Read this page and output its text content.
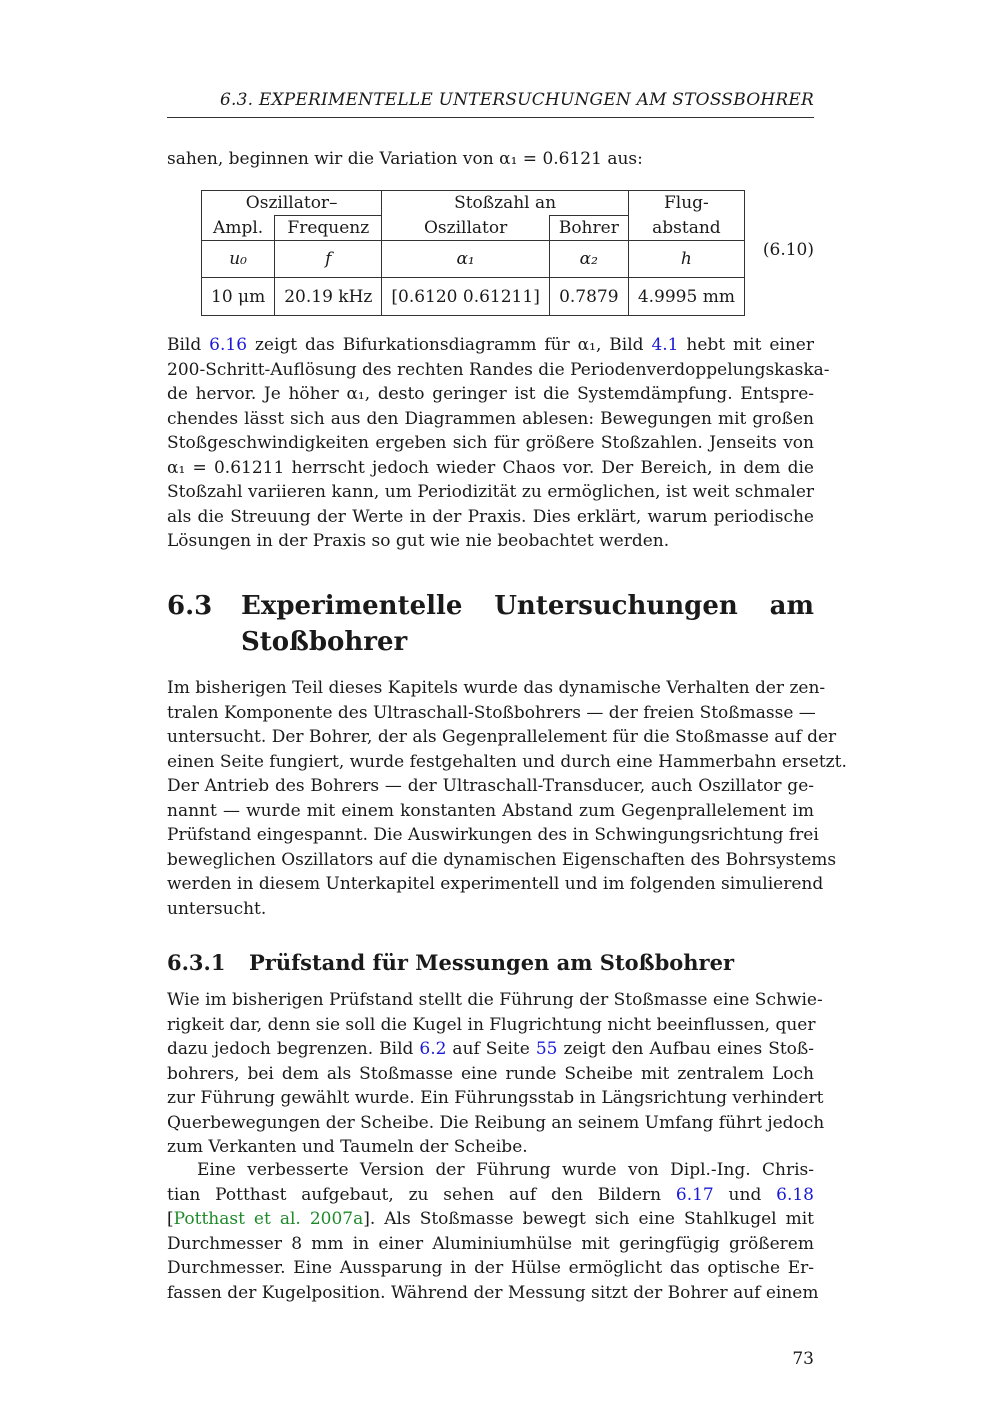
6.3. EXPERIMENTELLE UNTERSUCHUNGEN AM STOSSBOHRER
sahen, beginnen wir die Variation von α₁ = 0.6121 aus:
Oszillator–		Stoßzahl an		Flug-
Ampl.	Frequenz	Oszillator	Bohrer	abstand
u₀	f	α₁	α₂	h
10 μm	20.19 kHz	[0.6120 0.61211]	0.7879	4.9995 mm
(6.10)
Bild 6.16 zeigt das Bifurkationsdiagramm für α₁, Bild 4.1 hebt mit einer
200-Schritt-Auflösung des rechten Randes die Periodenverdoppelungskaska-
de hervor. Je höher α₁, desto geringer ist die Systemdämpfung. Entspre-
chendes lässt sich aus den Diagrammen ablesen: Bewegungen mit großen
Stoßgeschwindigkeiten ergeben sich für größere Stoßzahlen. Jenseits von
α₁ = 0.61211 herrscht jedoch wieder Chaos vor. Der Bereich, in dem die
Stoßzahl variieren kann, um Periodizität zu ermöglichen, ist weit schmaler
als die Streuung der Werte in der Praxis. Dies erklärt, warum periodische
Lösungen in der Praxis so gut wie nie beobachtet werden.
6.3 Experimentelle Untersuchungen am
Stoßbohrer
Im bisherigen Teil dieses Kapitels wurde das dynamische Verhalten der zen-
tralen Komponente des Ultraschall-Stoßbohrers — der freien Stoßmasse —
untersucht. Der Bohrer, der als Gegenprallelement für die Stoßmasse auf der
einen Seite fungiert, wurde festgehalten und durch eine Hammerbahn ersetzt.
Der Antrieb des Bohrers — der Ultraschall-Transducer, auch Oszillator ge-
nannt — wurde mit einem konstanten Abstand zum Gegenprallelement im
Prüfstand eingespannt. Die Auswirkungen des in Schwingungsrichtung frei
beweglichen Oszillators auf die dynamischen Eigenschaften des Bohrsystems
werden in diesem Unterkapitel experimentell und im folgenden simulierend
untersucht.
6.3.1 Prüfstand für Messungen am Stoßbohrer
Wie im bisherigen Prüfstand stellt die Führung der Stoßmasse eine Schwie-
rigkeit dar, denn sie soll die Kugel in Flugrichtung nicht beeinflussen, quer
dazu jedoch begrenzen. Bild 6.2 auf Seite 55 zeigt den Aufbau eines Stoß-
bohrers, bei dem als Stoßmasse eine runde Scheibe mit zentralem Loch
zur Führung gewählt wurde. Ein Führungsstab in Längsrichtung verhindert
Querbewegungen der Scheibe. Die Reibung an seinem Umfang führt jedoch
zum Verkanten und Taumeln der Scheibe.
Eine verbesserte Version der Führung wurde von Dipl.-Ing. Chris-
tian Potthast aufgebaut, zu sehen auf den Bildern 6.17 und 6.18
[Potthast et al. 2007a]. Als Stoßmasse bewegt sich eine Stahlkugel mit
Durchmesser 8 mm in einer Aluminiumhülse mit geringfügig größerem
Durchmesser. Eine Aussparung in der Hülse ermöglicht das optische Er-
fassen der Kugelposition. Während der Messung sitzt der Bohrer auf einem
73
